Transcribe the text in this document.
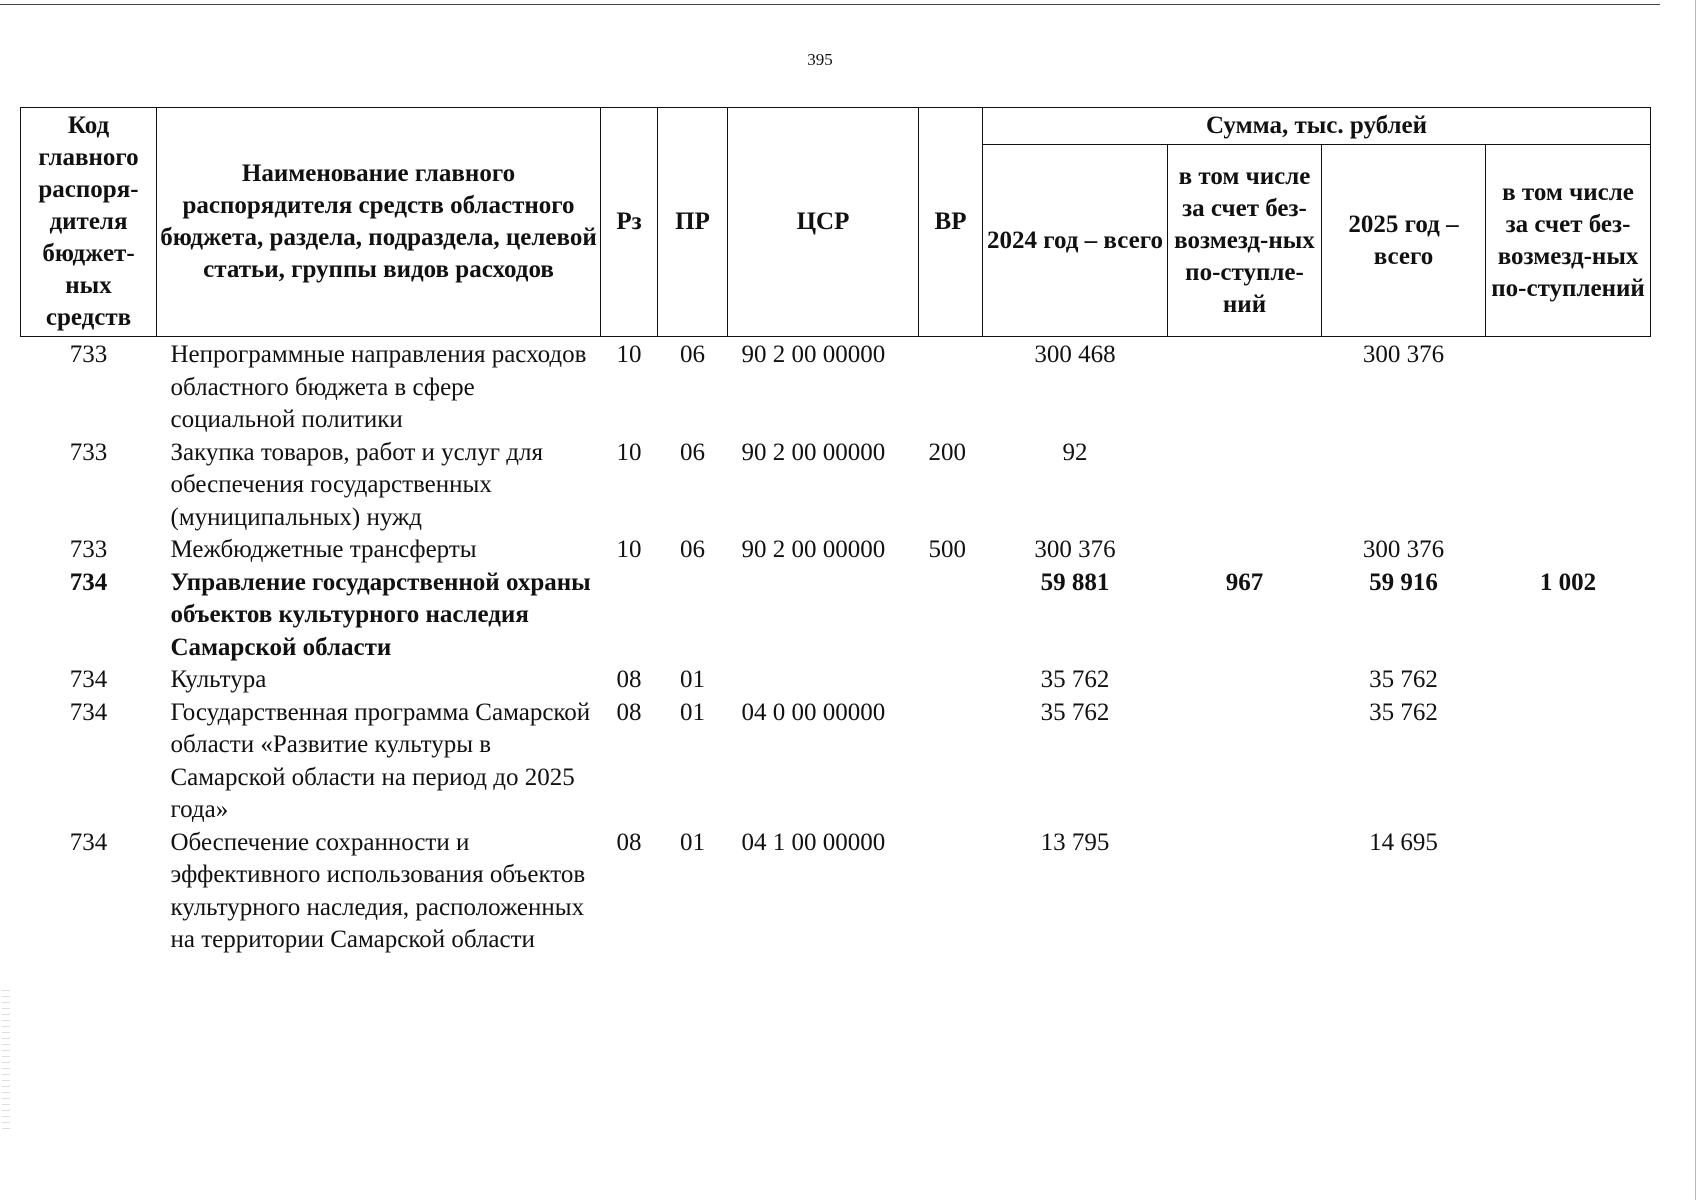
395
Код главного распоря-дителя бюджет-ных средств	Наименование главного распорядителя средств областного бюджета, раздела, подраздела, целевой статьи, группы видов расходов	Рз	ПР	ЦСР	ВР	Сумма, тыс. рублей			
						2024 год – всего	в том числе за счет без-возмезд-ных по-ступле-ний	2025 год – всего	в том числе за счет без-возмезд-ных по-ступлений
733	Непрограммные направления расходов областного бюджета в сфере социальной политики	10	06	90 2 00 00000		300 468		300 376	
733	Закупка товаров, работ и услуг для обеспечения государственных (муниципальных) нужд	10	06	90 2 00 00000	200	92			
733	Межбюджетные трансферты	10	06	90 2 00 00000	500	300 376		300 376	
734	Управление государственной охраны объектов культурного наследия Самарской области					59 881	967	59 916	1 002
734	Культура	08	01			35 762		35 762	
734	Государственная программа Самарской области «Развитие культуры в Самарской области на период до 2025 года»	08	01	04 0 00 00000		35 762		35 762	
734	Обеспечение сохранности и эффективного использования объектов культурного наследия, расположенных на территории Самарской области	08	01	04 1 00 00000		13 795		14 695	
